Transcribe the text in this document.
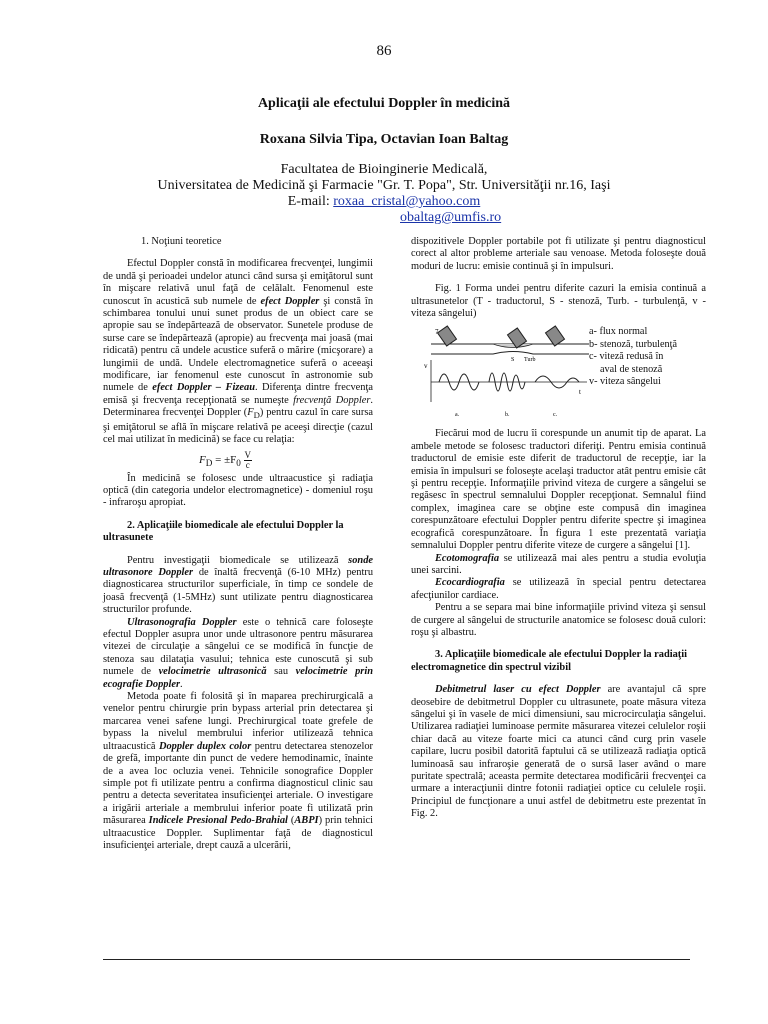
86
Aplicaţii ale efectului Doppler în medicină
Roxana Silvia Tipa, Octavian Ioan Baltag
Facultatea de Bioinginerie Medicală,
Universitatea de Medicină şi Farmacie "Gr. T. Popa", Str. Universităţii nr.16, Iaşi
E-mail: roxaa_cristal@yahoo.com
obaltag@umfis.ro

1. Noţiuni teoretice

Efectul Doppler constă în modificarea frecvenţei, lungimii de undă şi perioadei undelor atunci când sursa şi emiţătorul sunt în mişcare relativă unul faţă de celălalt. Fenomenul este cunoscut în acustică sub numele de efect Doppler şi constă în schimbarea tonului unui sunet produs de un obiect care se apropie sau se îndepărtează de observator. Sunetele produse de surse care se îndepărtează (apropie) au frecvenţa mai joasă (mai ridicată) pentru că undele acustice suferă o mărire (micşorare) a lungimii de undă. Undele electromagnetice suferă o aceeaşi modificare, iar fenomenul este cunoscut în astronomie sub numele de efect Doppler – Fizeau. Diferenţa dintre frecvenţa emisă şi frecvenţa recepţionată se numeşte frecvenţă Doppler. Determinarea frecvenţei Doppler $(F_D)$ pentru cazul în care sursa şi emiţătorul se află în mişcare relativă pe aceeşi direcţie (cazul cel mai utilizat în medicină) se face cu relaţia:

$F_D = \pm F_0 \frac{V}{c}$

În medicină se folosesc unde ultraacustice şi radiaţia optică (din categoria undelor electromagnetice) - domeniul roşu - infraroşu apropiat.

2. Aplicaţiile biomedicale ale efectului Doppler la ultrasunete

Pentru investigaţii biomedicale se utilizează sonde ultrasonore Doppler de înaltă frecvenţă (6-10 MHz) pentru diagnosticarea structurilor superficiale, în timp ce sondele de joasă frecvenţă (1-5MHz) sunt utilizate pentru diagnosticarea structurilor profunde.

Ultrasonografia Doppler este o tehnică care foloseşte efectul Doppler asupra unor unde ultrasonore pentru măsurarea vitezei de circulaţie a sângelui ce se modifică în funcţie de stenoza sau dilataţia vasului; tehnica este cunoscută şi sub numele de velocimetrie ultrasonică sau velocimetrie prin ecografie Doppler.

Metoda poate fi folosită şi în maparea prechirurgicală a venelor pentru chirurgie prin bypass arterial prin detectarea şi marcarea venei safene lungi. Prechirurgical toate grefele de bypass la nivelul membrului inferior utilizează tehnica ultraacustică Doppler duplex color pentru detectarea stenozelor de grefă, importante din punct de vedere hemodinamic, înainte de a avea loc ocluzia venei. Tehnicile sonografice Doppler simple pot fi utilizate pentru a confirma diagnosticul clinic sau pentru a detecta severitatea insuficienţei arteriale. O investigare a irigării arteriale a membrului inferior poate fi utilizată prin măsurarea Indicele Presional Pedo-Brahial (ABPI) prin tehnici ultraacustice Doppler. Suplimentar faţă de diagnosticul insuficienţei arteriale, drept cauză a ulcerării,

dispozitivele Doppler portabile pot fi utilizate şi pentru diagnosticul corect al altor probleme arteriale sau venoase. Metoda foloseşte două moduri de lucru: emisie continuă şi în impulsuri.

Fig. 1 Forma undei pentru diferite cazuri la emisia continuă a ultrasunetelor (T - traductorul, S - stenoză, Turb. - turbulenţă, v - viteza sângelui)

7
S Turb
v
t
a.	b.	c.
a- flux normal
b- stenoză, turbulenţă
c- viteză redusă în
aval de stenoză
v- viteza sângelui

Fiecărui mod de lucru îi corespunde un anumit tip de aparat. La ambele metode se folosesc traductori diferiţi. Pentru emisia continuă traductorul de emisie este diferit de traductorul de recepţie, iar la emisia în impulsuri se foloseşte acelaşi traductor atât pentru emisie cât şi pentru recepţie. Informaţiile privind viteza de curgere a sângelui se regăsesc în spectrul semnalului Doppler recepţionat. Semnalul fiind complex, imaginea care se obţine este compusă din imaginea corespunzătoare efectului Doppler pentru diferite spectre şi imaginea ecografică corespunzătoare. În figura 1 este prezentată variaţia semnalului Doppler pentru diferite viteze de curgere a sângelui [1].

Ecotomografia se utilizează mai ales pentru a studia evoluţia unei sarcini.

Ecocardiografia se utilizează în special pentru detectarea afecţiunilor cardiace.

Pentru a se separa mai bine informaţiile privind viteza şi sensul de curgere al sângelui de structurile anatomice se folosesc două culori: roşu şi albastru.

3. Aplicaţiile biomedicale ale efectului Doppler la radiaţii electromagnetice din spectrul vizibil

Debitmetrul laser cu efect Doppler are avantajul că spre deosebire de debitmetrul Doppler cu ultrasunete, poate măsura viteza sângelui şi în vasele de mici dimensiuni, sau microcirculaţia sângelui. Utilizarea radiaţiei luminoase permite măsurarea vitezei celulelor roşii chiar dacă au viteze foarte mici ca atunci când curg prin vasele capilare, lucru posibil datorită faptului că se utilizează radiaţia optică luminoasă sau infraroşie generată de o sursă laser având o mare puritate spectrală; aceasta permite detectarea modificării frecvenţei ca urmare a interacţiunii dintre fotonii radiaţiei optice cu celulele roşii. Principiul de funcţionare a unui astfel de debitmetru este prezentat în Fig. 2.
